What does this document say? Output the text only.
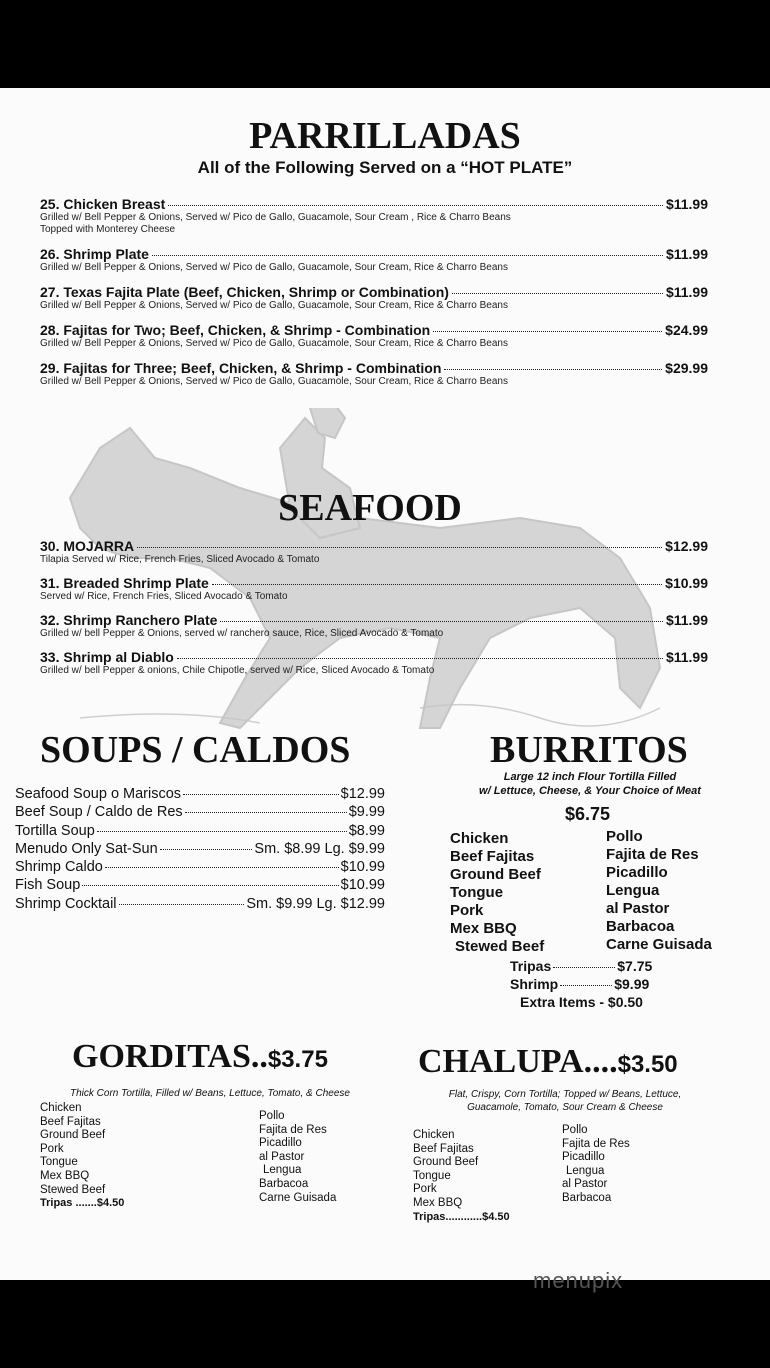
PARRILLADAS
All of the Following Served on a “HOT PLATE”
25. Chicken Breast	$11.99
Grilled w/ Bell Pepper & Onions, Served w/ Pico de Gallo, Guacamole, Sour Cream , Rice & Charro Beans
Topped with Monterey Cheese
26. Shrimp Plate	$11.99
Grilled w/ Bell Pepper & Onions, Served w/ Pico de Gallo, Guacamole, Sour Cream, Rice & Charro Beans
27. Texas Fajita Plate (Beef, Chicken, Shrimp or Combination)	$11.99
Grilled w/ Bell Pepper & Onions, Served w/ Pico de Gallo, Guacamole, Sour Cream, Rice & Charro Beans
28. Fajitas for Two; Beef, Chicken, & Shrimp - Combination	$24.99
Grilled w/ Bell Pepper & Onions, Served w/ Pico de Gallo, Guacamole, Sour Cream, Rice & Charro Beans
29. Fajitas for Three; Beef, Chicken, & Shrimp - Combination	$29.99
Grilled w/ Bell Pepper & Onions, Served w/ Pico de Gallo, Guacamole, Sour Cream, Rice & Charro Beans
SEAFOOD
30. MOJARRA	$12.99
Tilapia Served w/ Rice, French Fries, Sliced Avocado & Tomato
31. Breaded Shrimp Plate	$10.99
Served w/ Rice, French Fries, Sliced Avocado & Tomato
32. Shrimp Ranchero Plate	$11.99
Grilled w/ bell Pepper & Onions, served w/ ranchero sauce, Rice, Sliced Avocado & Tomato
33. Shrimp al Diablo	$11.99
Grilled w/ bell Pepper & onions, Chile Chipotle, served w/ Rice, Sliced Avocado & Tomato
SOUPS / CALDOS
Seafood Soup o Mariscos	$12.99
Beef Soup / Caldo de Res	$9.99
Tortilla Soup	$8.99
Menudo Only Sat-Sun	Sm. $8.99 Lg. $9.99
Shrimp Caldo	$10.99
Fish Soup	$10.99
Shrimp Cocktail	Sm. $9.99 Lg. $12.99
BURRITOS
Large 12 inch Flour Tortilla Filled
w/ Lettuce, Cheese, & Your Choice of Meat
$6.75
Chicken
Beef Fajitas
Ground Beef
Tongue
Pork
Mex BBQ
Stewed Beef
Pollo
Fajita de Res
Picadillo
Lengua
al Pastor
Barbacoa
Carne Guisada
Tripas	$7.75
Shrimp	$9.99
Extra Items - $0.50
GORDITAS..$3.75
Thick Corn Tortilla, Filled w/ Beans, Lettuce, Tomato, & Cheese
Chicken
Beef Fajitas
Ground Beef
Pork
Tongue
Mex BBQ
Stewed Beef
Tripas .......$4.50
Pollo
Fajita de Res
Picadillo
al Pastor
Lengua
Barbacoa
Carne Guisada
CHALUPA....$3.50
Flat, Crispy, Corn Tortilla; Topped w/ Beans, Lettuce,
Guacamole, Tomato, Sour Cream & Cheese
Chicken
Beef Fajitas
Ground Beef
Tongue
Pork
Mex BBQ
Tripas............$4.50
Pollo
Fajita de Res
Picadillo
Lengua
al Pastor
Barbacoa
menupix
